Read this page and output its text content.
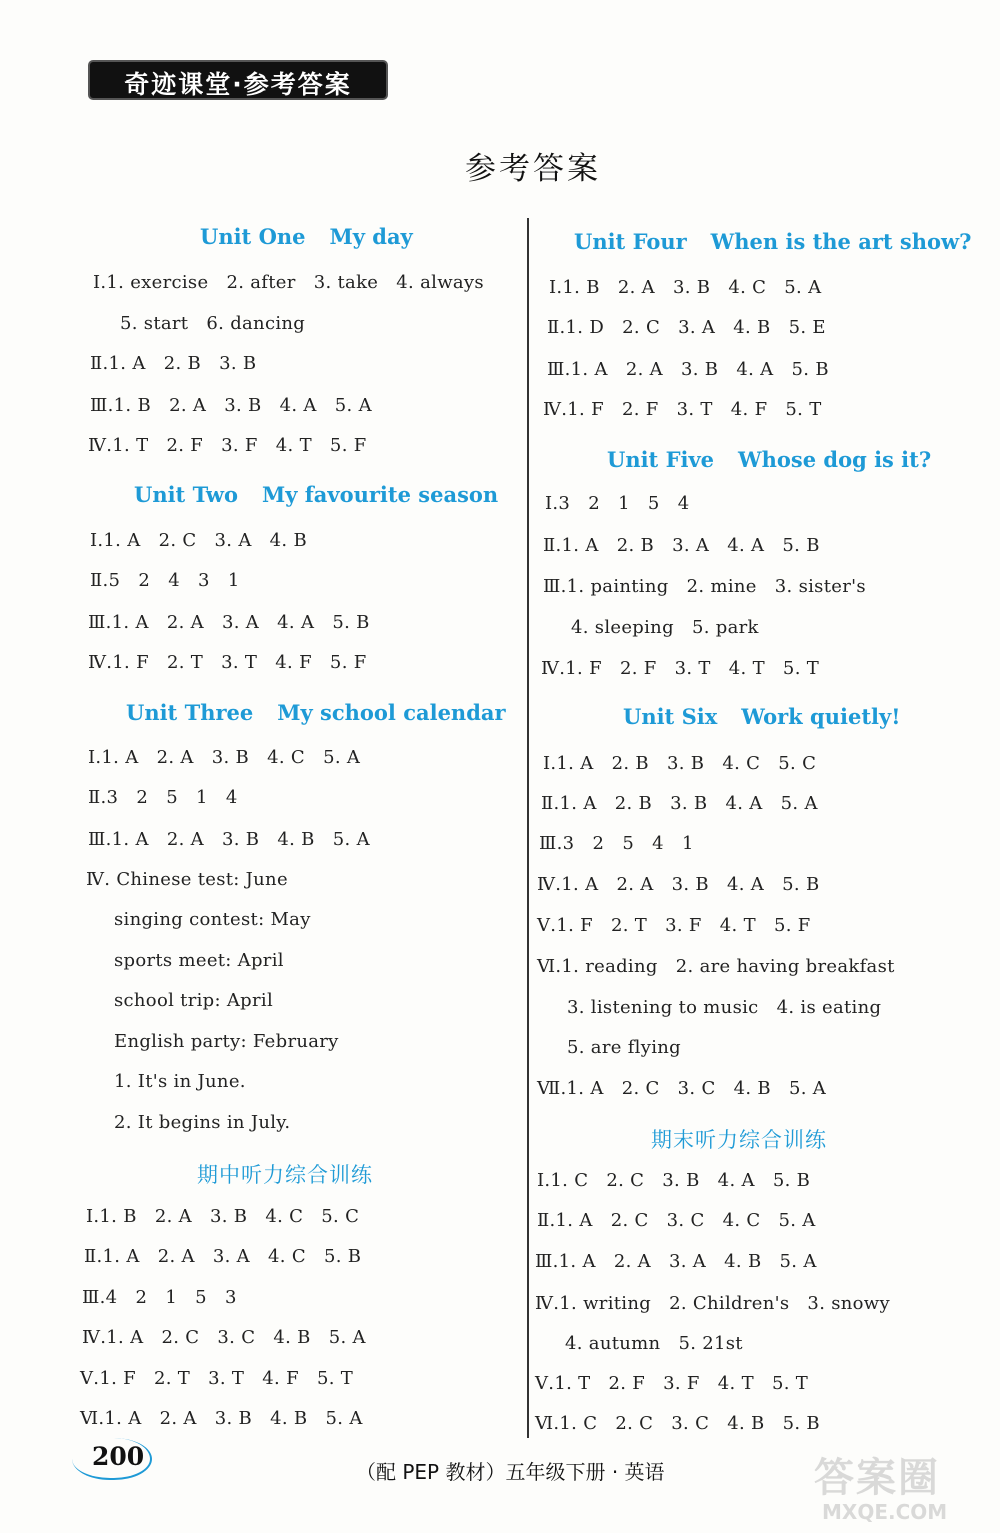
奇迹课堂·参考答案
参考答案
Unit One My day
Ⅰ.1. exercise   2. after   3. take   4. always
5. start   6. dancing
Ⅱ.1. A   2. B   3. B
Ⅲ.1. B   2. A   3. B   4. A   5. A
Ⅳ.1. T   2. F   3. F   4. T   5. F
Unit Two My favourite season
Ⅰ.1. A   2. C   3. A   4. B
Ⅱ.5   2   4   3   1
Ⅲ.1. A   2. A   3. A   4. A   5. B
Ⅳ.1. F   2. T   3. T   4. F   5. F
Unit Three My school calendar
Ⅰ.1. A   2. A   3. B   4. C   5. A
Ⅱ.3   2   5   1   4
Ⅲ.1. A   2. A   3. B   4. B   5. A
Ⅳ. Chinese test: June
singing contest: May
sports meet: April
school trip: April
English party: February
1. It's in June.
2. It begins in July.
期中听力综合训练
Ⅰ.1. B   2. A   3. B   4. C   5. C
Ⅱ.1. A   2. A   3. A   4. C   5. B
Ⅲ.4   2   1   5   3
Ⅳ.1. A   2. C   3. C   4. B   5. A
Ⅴ.1. F   2. T   3. T   4. F   5. T
Ⅵ.1. A   2. A   3. B   4. B   5. A
Unit Four When is the art show?
Ⅰ.1. B   2. A   3. B   4. C   5. A
Ⅱ.1. D   2. C   3. A   4. B   5. E
Ⅲ.1. A   2. A   3. B   4. A   5. B
Ⅳ.1. F   2. F   3. T   4. F   5. T
Unit Five Whose dog is it?
Ⅰ.3   2   1   5   4
Ⅱ.1. A   2. B   3. A   4. A   5. B
Ⅲ.1. painting   2. mine   3. sister's
4. sleeping   5. park
Ⅳ.1. F   2. F   3. T   4. T   5. T
Unit Six Work quietly!
Ⅰ.1. A   2. B   3. B   4. C   5. C
Ⅱ.1. A   2. B   3. B   4. A   5. A
Ⅲ.3   2   5   4   1
Ⅳ.1. A   2. A   3. B   4. A   5. B
Ⅴ.1. F   2. T   3. F   4. T   5. F
Ⅵ.1. reading   2. are having breakfast
3. listening to music   4. is eating
5. are flying
Ⅶ.1. A   2. C   3. C   4. B   5. A
期末听力综合训练
Ⅰ.1. C   2. C   3. B   4. A   5. B
Ⅱ.1. A   2. C   3. C   4. C   5. A
Ⅲ.1. A   2. A   3. A   4. B   5. A
Ⅳ.1. writing   2. Children's   3. snowy
4. autumn   5. 21st
Ⅴ.1. T   2. F   3. F   4. T   5. T
Ⅵ.1. C   2. C   3. C   4. B   5. B
200
（配 PEP 教材）五年级下册 · 英语	答案圈
MXQE.COM
